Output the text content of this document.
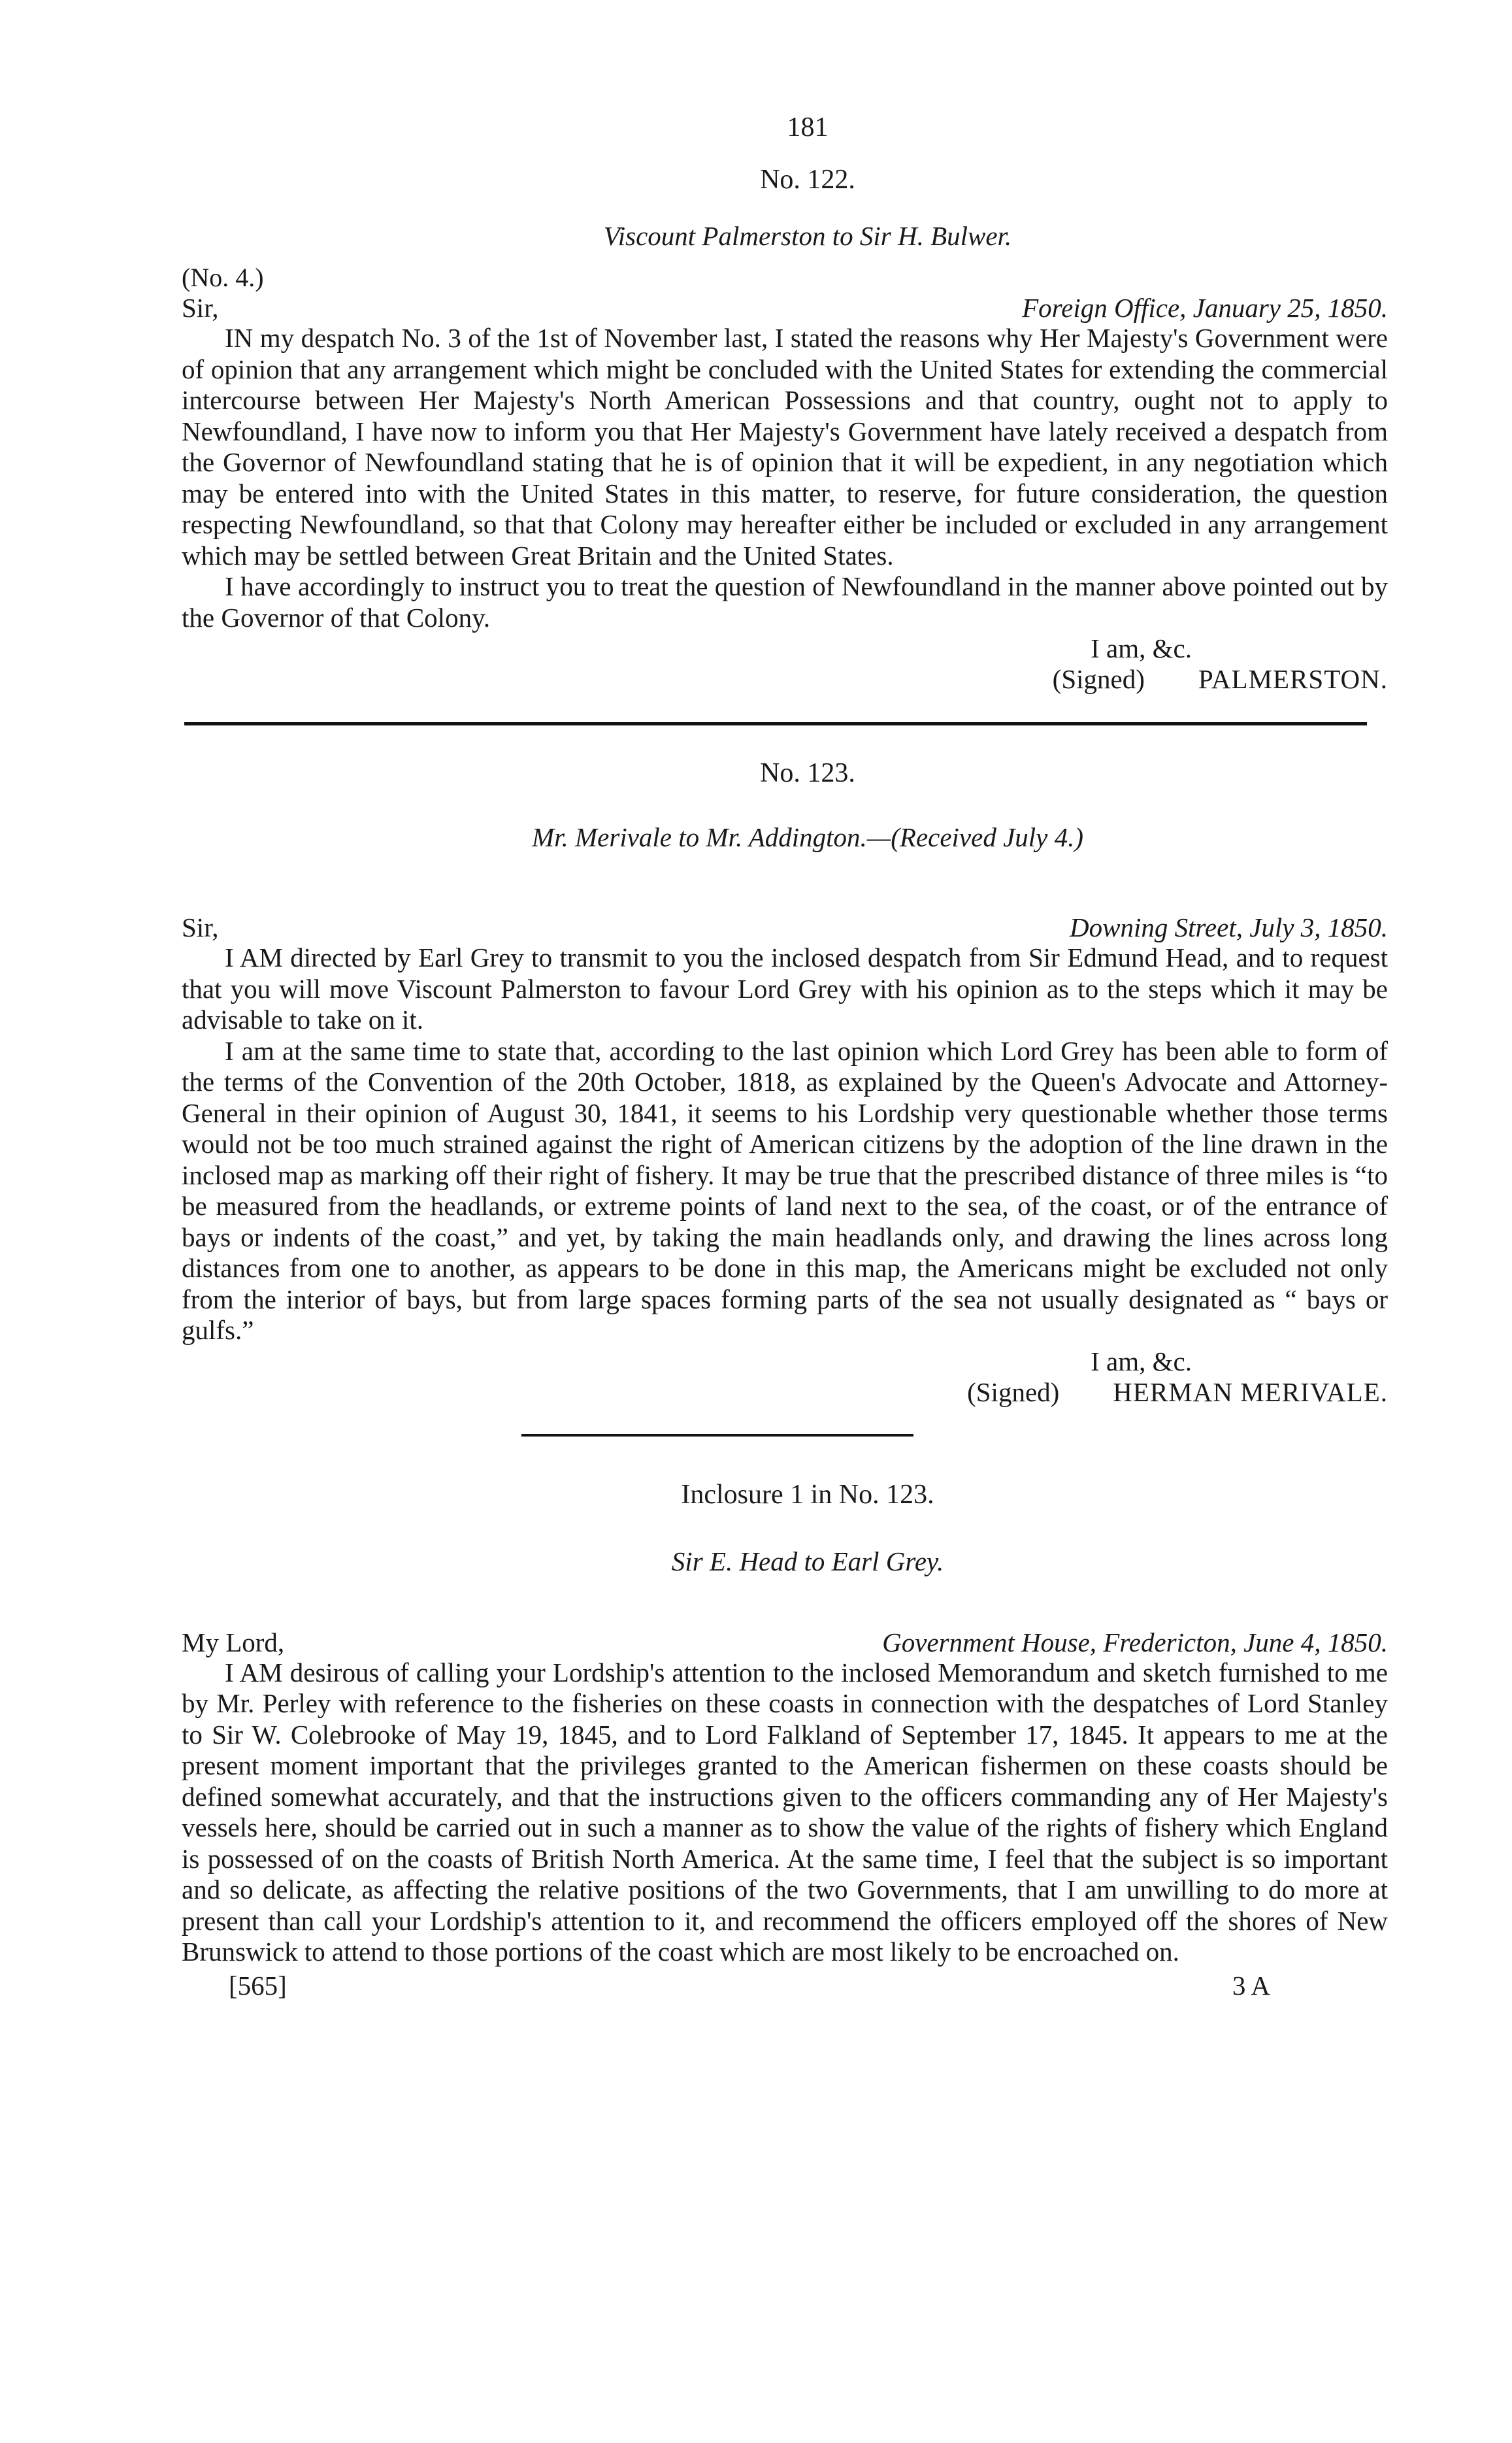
181
No. 122.
Viscount Palmerston to Sir H. Bulwer.
(No. 4.)
Sir,	Foreign Office, January 25, 1850.

IN my despatch No. 3 of the 1st of November last, I stated the reasons why Her Majesty's Government were of opinion that any arrangement which might be concluded with the United States for extending the commercial intercourse between Her Majesty's North American Possessions and that country, ought not to apply to Newfoundland, I have now to inform you that Her Majesty's Government have lately received a despatch from the Governor of Newfoundland stating that he is of opinion that it will be expedient, in any negotiation which may be entered into with the United States in this matter, to reserve, for future consideration, the question respecting Newfoundland, so that that Colony may hereafter either be included or excluded in any arrangement which may be settled between Great Britain and the United States.

I have accordingly to instruct you to treat the question of Newfoundland in the manner above pointed out by the Governor of that Colony.

I am, &c.
(Signed) PALMERSTON.
No. 123.
Mr. Merivale to Mr. Addington.—(Received July 4.)
Sir,	Downing Street, July 3, 1850.

I AM directed by Earl Grey to transmit to you the inclosed despatch from Sir Edmund Head, and to request that you will move Viscount Palmerston to favour Lord Grey with his opinion as to the steps which it may be advisable to take on it.

I am at the same time to state that, according to the last opinion which Lord Grey has been able to form of the terms of the Convention of the 20th October, 1818, as explained by the Queen's Advocate and Attorney-General in their opinion of August 30, 1841, it seems to his Lordship very questionable whether those terms would not be too much strained against the right of American citizens by the adoption of the line drawn in the inclosed map as marking off their right of fishery. It may be true that the prescribed distance of three miles is “to be measured from the headlands, or extreme points of land next to the sea, of the coast, or of the entrance of bays or indents of the coast,” and yet, by taking the main headlands only, and drawing the lines across long distances from one to another, as appears to be done in this map, the Americans might be excluded not only from the interior of bays, but from large spaces forming parts of the sea not usually designated as “ bays or gulfs.”

I am, &c.
(Signed) HERMAN MERIVALE.
Inclosure 1 in No. 123.
Sir E. Head to Earl Grey.
My Lord,	Government House, Fredericton, June 4, 1850.

I AM desirous of calling your Lordship's attention to the inclosed Memorandum and sketch furnished to me by Mr. Perley with reference to the fisheries on these coasts in connection with the despatches of Lord Stanley to Sir W. Colebrooke of May 19, 1845, and to Lord Falkland of September 17, 1845. It appears to me at the present moment important that the privileges granted to the American fishermen on these coasts should be defined somewhat accurately, and that the instructions given to the officers commanding any of Her Majesty's vessels here, should be carried out in such a manner as to show the value of the rights of fishery which England is possessed of on the coasts of British North America. At the same time, I feel that the subject is so important and so delicate, as affecting the relative positions of the two Governments, that I am unwilling to do more at present than call your Lordship's attention to it, and recommend the officers employed off the shores of New Brunswick to attend to those portions of the coast which are most likely to be encroached on.

[565]	3 A
